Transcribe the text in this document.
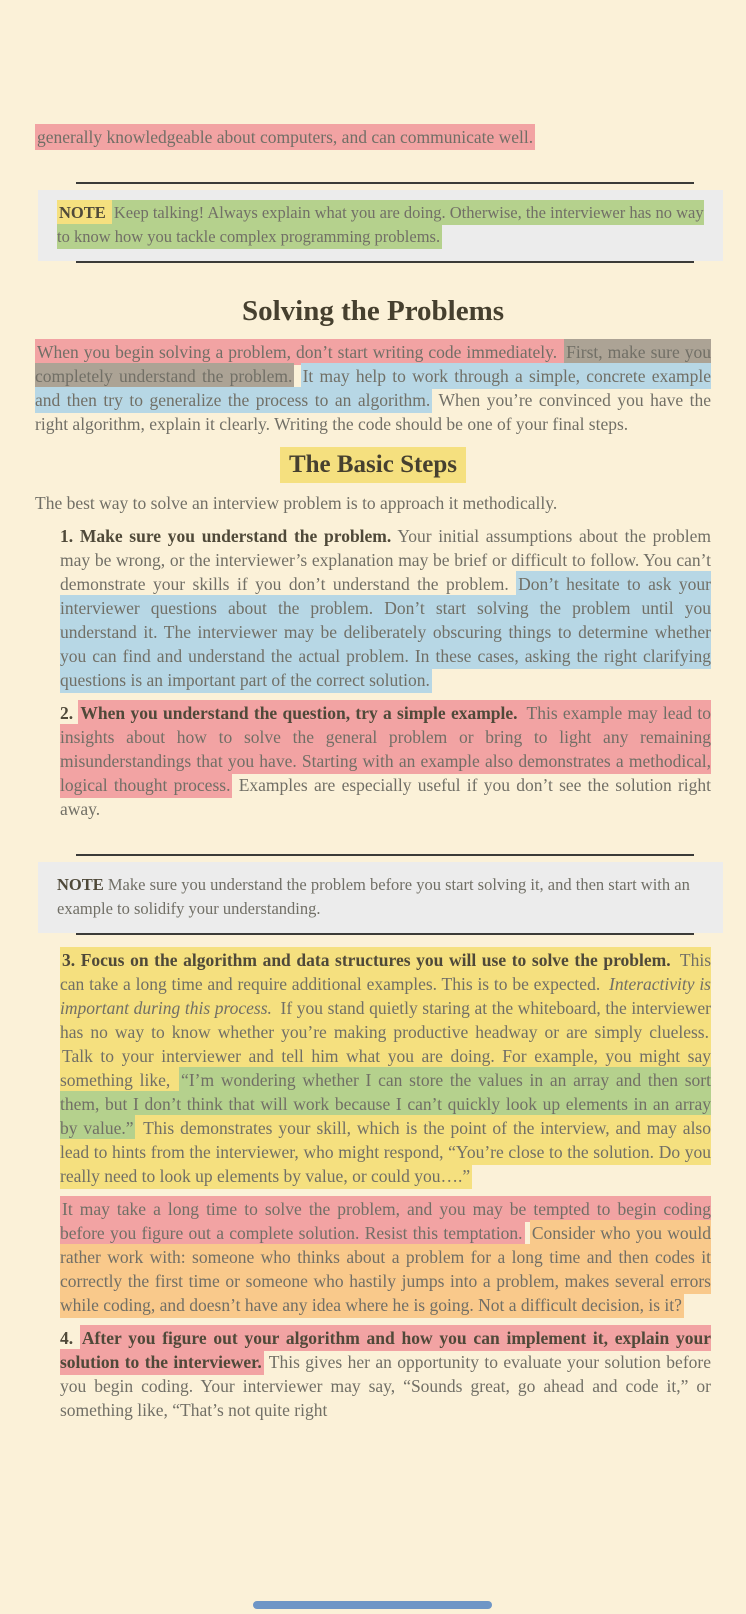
generally knowledgeable about computers, and can communicate well.

NOTE Keep talking! Always explain what you are doing. Otherwise, the interviewer has no way to know how you tackle complex programming problems.

Solving the Problems

When you begin solving a problem, don’t start writing code immediately. First, make sure you completely understand the problem. It may help to work through a simple, concrete example and then try to generalize the process to an algorithm. When you’re convinced you have the right algorithm, explain it clearly. Writing the code should be one of your final steps.

The Basic Steps

The best way to solve an interview problem is to approach it methodically.

1. Make sure you understand the problem. Your initial assumptions about the problem may be wrong, or the interviewer’s explanation may be brief or difficult to follow. You can’t demonstrate your skills if you don’t understand the problem. Don’t hesitate to ask your interviewer questions about the problem. Don’t start solving the problem until you understand it. The interviewer may be deliberately obscuring things to determine whether you can find and understand the actual problem. In these cases, asking the right clarifying questions is an important part of the correct solution.

2. When you understand the question, try a simple example. This example may lead to insights about how to solve the general problem or bring to light any remaining misunderstandings that you have. Starting with an example also demonstrates a methodical, logical thought process. Examples are especially useful if you don’t see the solution right away.

NOTE Make sure you understand the problem before you start solving it, and then start with an example to solidify your understanding.

3. Focus on the algorithm and data structures you will use to solve the problem. This can take a long time and require additional examples. This is to be expected. Interactivity is important during this process. If you stand quietly staring at the whiteboard, the interviewer has no way to know whether you’re making productive headway or are simply clueless. Talk to your interviewer and tell him what you are doing. For example, you might say something like, “I’m wondering whether I can store the values in an array and then sort them, but I don’t think that will work because I can’t quickly look up elements in an array by value.” This demonstrates your skill, which is the point of the interview, and may also lead to hints from the interviewer, who might respond, “You’re close to the solution. Do you really need to look up elements by value, or could you….”

It may take a long time to solve the problem, and you may be tempted to begin coding before you figure out a complete solution. Resist this temptation. Consider who you would rather work with: someone who thinks about a problem for a long time and then codes it correctly the first time or someone who hastily jumps into a problem, makes several errors while coding, and doesn’t have any idea where he is going. Not a difficult decision, is it?

4. After you figure out your algorithm and how you can implement it, explain your solution to the interviewer. This gives her an opportunity to evaluate your solution before you begin coding. Your interviewer may say, “Sounds great, go ahead and code it,” or something like, “That’s not quite right
